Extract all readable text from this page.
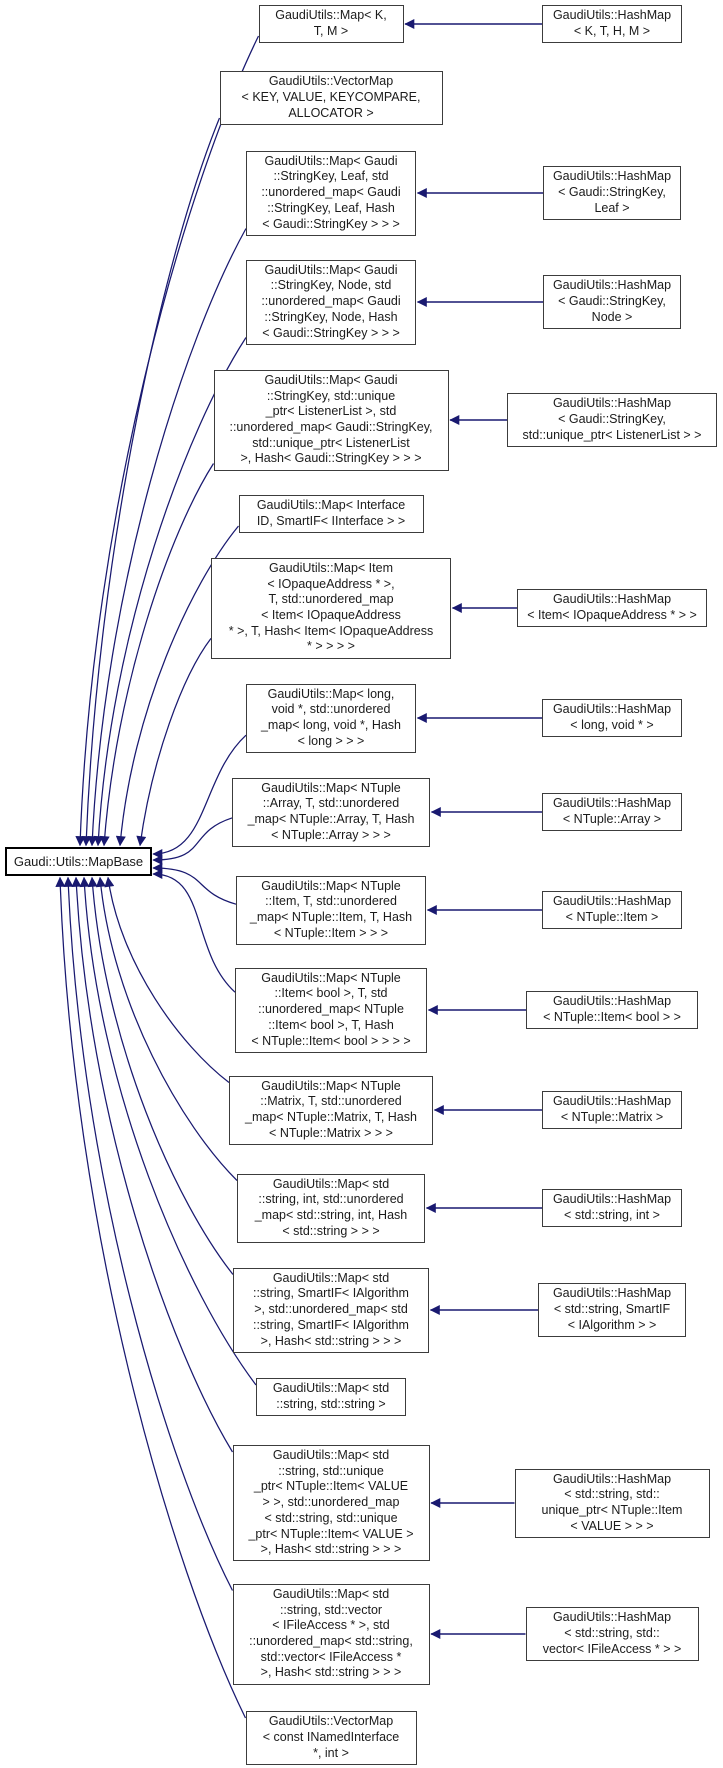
Gaudi::Utils::MapBase
GaudiUtils::Map< K,
T, M >
GaudiUtils::HashMap
< K, T, H, M >
GaudiUtils::VectorMap
< KEY, VALUE, KEYCOMPARE,
ALLOCATOR >
GaudiUtils::Map< Gaudi
::StringKey, Leaf, std
::unordered_map< Gaudi
::StringKey, Leaf, Hash
< Gaudi::StringKey > > >
GaudiUtils::HashMap
< Gaudi::StringKey,
Leaf >
GaudiUtils::Map< Gaudi
::StringKey, Node, std
::unordered_map< Gaudi
::StringKey, Node, Hash
< Gaudi::StringKey > > >
GaudiUtils::HashMap
< Gaudi::StringKey,
Node >
GaudiUtils::Map< Gaudi
::StringKey, std::unique
_ptr< ListenerList >, std
::unordered_map< Gaudi::StringKey,
std::unique_ptr< ListenerList
>, Hash< Gaudi::StringKey > > >
GaudiUtils::HashMap
< Gaudi::StringKey,
std::unique_ptr< ListenerList > >
GaudiUtils::Map< Interface
ID, SmartIF< IInterface > >
GaudiUtils::Map< Item
< IOpaqueAddress * >,
T, std::unordered_map
< Item< IOpaqueAddress
* >, T, Hash< Item< IOpaqueAddress
* > > > >
GaudiUtils::HashMap
< Item< IOpaqueAddress * > >
GaudiUtils::Map< long,
void *, std::unordered
_map< long, void *, Hash
< long > > >
GaudiUtils::HashMap
< long, void * >
GaudiUtils::Map< NTuple
::Array, T, std::unordered
_map< NTuple::Array, T, Hash
< NTuple::Array > > >
GaudiUtils::HashMap
< NTuple::Array >
GaudiUtils::Map< NTuple
::Item, T, std::unordered
_map< NTuple::Item, T, Hash
< NTuple::Item > > >
GaudiUtils::HashMap
< NTuple::Item >
GaudiUtils::Map< NTuple
::Item< bool >, T, std
::unordered_map< NTuple
::Item< bool >, T, Hash
< NTuple::Item< bool > > > >
GaudiUtils::HashMap
< NTuple::Item< bool > >
GaudiUtils::Map< NTuple
::Matrix, T, std::unordered
_map< NTuple::Matrix, T, Hash
< NTuple::Matrix > > >
GaudiUtils::HashMap
< NTuple::Matrix >
GaudiUtils::Map< std
::string, int, std::unordered
_map< std::string, int, Hash
< std::string > > >
GaudiUtils::HashMap
< std::string, int >
GaudiUtils::Map< std
::string, SmartIF< IAlgorithm
>, std::unordered_map< std
::string, SmartIF< IAlgorithm
>, Hash< std::string > > >
GaudiUtils::HashMap
< std::string, SmartIF
< IAlgorithm > >
GaudiUtils::Map< std
::string, std::string >
GaudiUtils::Map< std
::string, std::unique
_ptr< NTuple::Item< VALUE
> >, std::unordered_map
< std::string, std::unique
_ptr< NTuple::Item< VALUE >
>, Hash< std::string > > >
GaudiUtils::HashMap
< std::string, std::
unique_ptr< NTuple::Item
< VALUE > > >
GaudiUtils::Map< std
::string, std::vector
< IFileAccess * >, std
::unordered_map< std::string,
std::vector< IFileAccess *
>, Hash< std::string > > >
GaudiUtils::HashMap
< std::string, std::
vector< IFileAccess * > >
GaudiUtils::VectorMap
< const INamedInterface
*, int >
